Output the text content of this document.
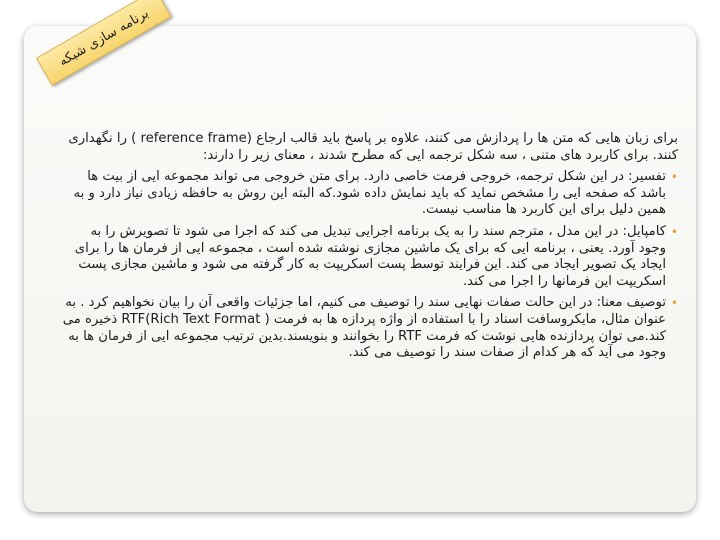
برنامه سازی شبکه

برای زبان هایی که متن ها را پردازش می کنند، علاوه بر پاسخ باید قالب ارجاع (reference frame ) را نگهداری کنند. برای کاربرد های متنی ، سه شکل ترجمه ایی که مطرح شدند ، معنای زیر را دارند:

•
تفسیر: در این شکل ترجمه، خروجی فرمت خاصی دارد. برای متن خروجی می تواند مجموعه ایی از بیت ها باشد که صفحه ایی را مشخص نماید که باید نمایش داده شود.که البته این روش به حافظه زیادی نیاز دارد و به همین دلیل برای این کاربرد ها مناسب نیست.
•
کامپایل: در این مدل ، مترجم سند را به یک برنامه اجرایی تبدیل می کند که اجرا می شود تا تصویرش را به وجود آورد. یعنی ، برنامه ایی که برای یک ماشین مجازی نوشته شده است ، مجموعه ایی از فرمان ها را برای ایجاد یک تصویر ایجاد می کند. این فرایند توسط پست اسکریپت به کار گرفته می شود و ماشین مجازی پست اسکریپت این فرمانها را اجرا می کند.
•
توصیف معنا: در این حالت صفات نهایی سند را توصیف می کنیم، اما جزئیات واقعی آن را بیان نخواهیم کرد . به عنوان مثال، مایکروسافت اسناد را با استفاده از واژه پردازه ها به فرمت ( RTF(Rich Text Format ذخیره می کند.می توان پردازنده هایی نوشت که فرمت RTF را بخوانند و بنویسند.بدین ترتیب مجموعه ایی از فرمان ها به وجود می آید که هر کدام از صفات سند را توصیف می کند.
